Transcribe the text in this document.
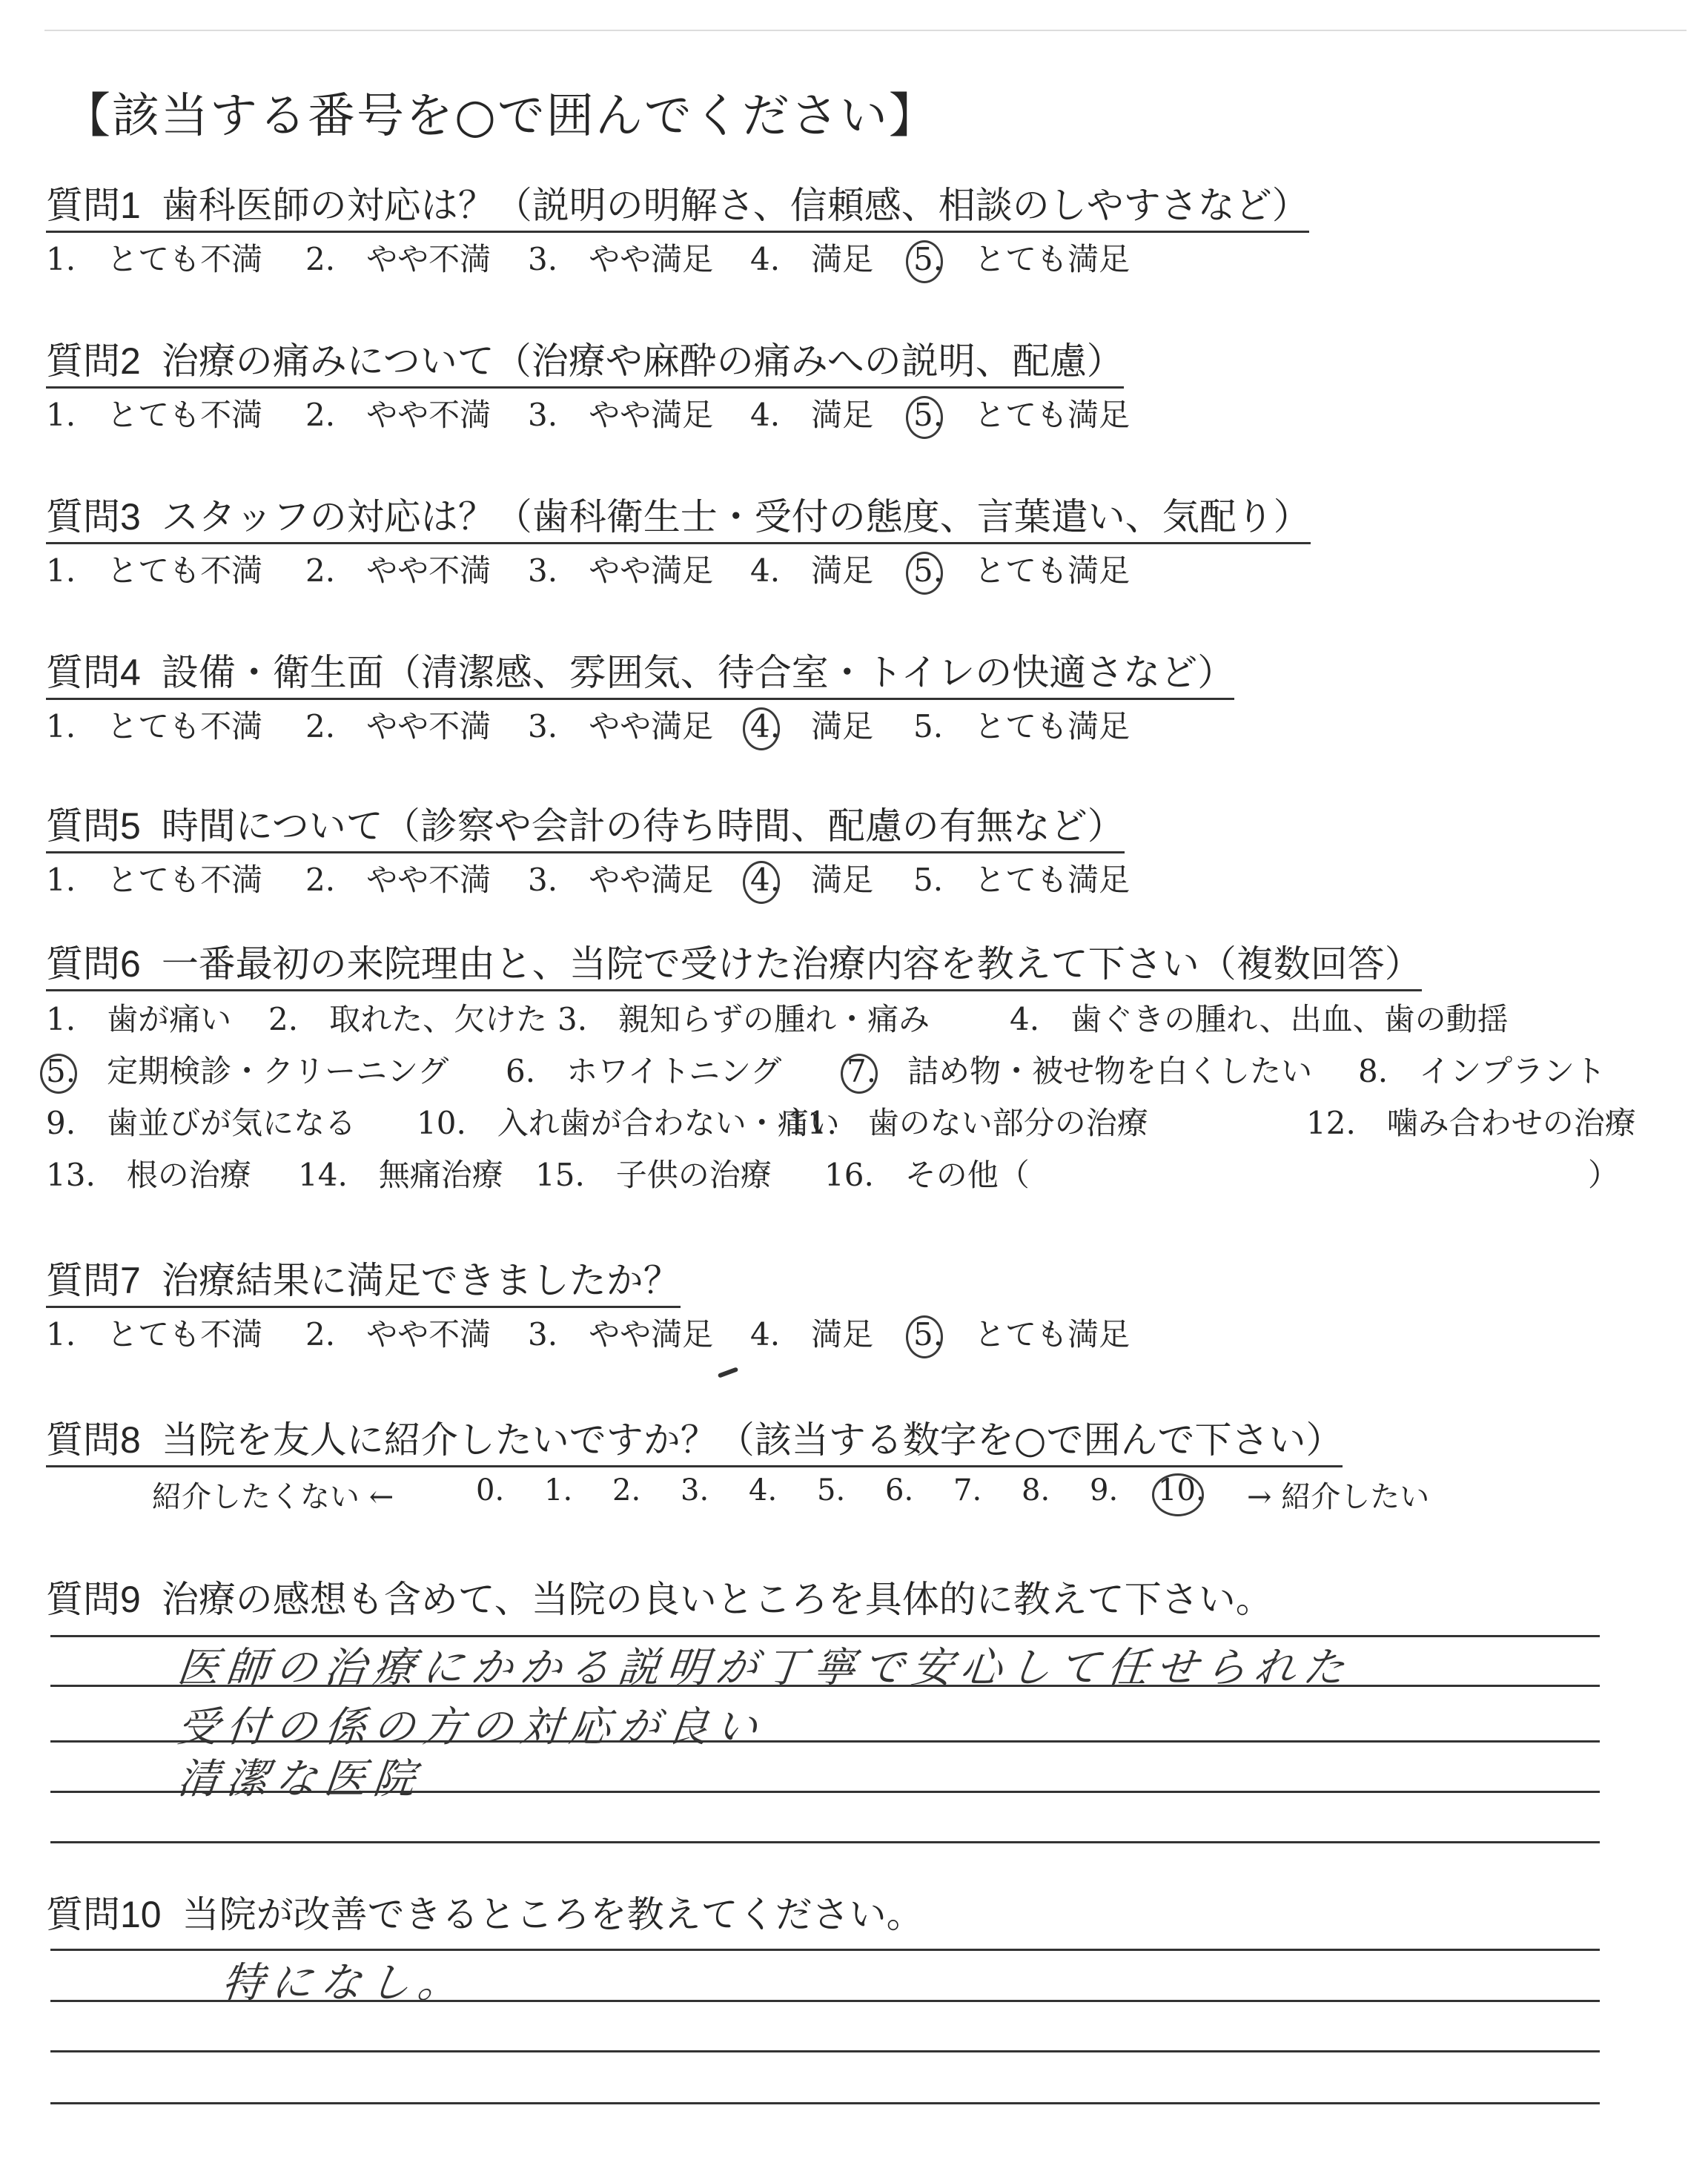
【該当する番号を○で囲んでください】
質問1 歯科医師の対応は？（説明の明解さ、信頼感、相談のしやすさなど）
1.　とても不満 2.　やや不満 3.　やや満足 4.　満足 5.　とても満足
質問2 治療の痛みについて（治療や麻酔の痛みへの説明、配慮）
1.　とても不満 2.　やや不満 3.　やや満足 4.　満足 5.　とても満足
質問3 スタッフの対応は？（歯科衛生士・受付の態度、言葉遣い、気配り）
1.　とても不満 2.　やや不満 3.　やや満足 4.　満足 5.　とても満足
質問4 設備・衛生面（清潔感、雰囲気、待合室・トイレの快適さなど）
1.　とても不満 2.　やや不満 3.　やや満足 4.　満足 5.　とても満足
質問5 時間について（診察や会計の待ち時間、配慮の有無など）
1.　とても不満 2.　やや不満 3.　やや満足 4.　満足 5.　とても満足
質問6 一番最初の来院理由と、当院で受けた治療内容を教えて下さい（複数回答）
1.　歯が痛い 2.　取れた、欠けた 3.　親知らずの腫れ・痛み	4.　歯ぐきの腫れ、出血、歯の動揺
5.　定期検診・クリーニング 6.　ホワイトニング 7.　詰め物・被せ物を白くしたい 8.　インプラント
9.　歯並びが気になる 10.　入れ歯が合わない・痛い
11.　歯のない部分の治療	12.　噛み合わせの治療
13.　根の治療 14.　無痛治療 15.　子供の治療 16.　その他（	）
質問7 治療結果に満足できましたか？
1.　とても不満 2.　やや不満 3.　やや満足 4.　満足 5.　とても満足
質問8 当院を友人に紹介したいですか？（該当する数字を○で囲んで下さい）
紹介したくない ←	0. 1. 2. 3. 4. 5. 6. 7. 8. 9. 10. → 紹介したい
質問9 治療の感想も含めて、当院の良いところを具体的に教えて下さい。
医師の治療にかかる説明が丁寧で安心して任せられた
受付の係の方の対応が良い
清潔な医院
質問10 当院が改善できるところを教えてください。
特になし。
